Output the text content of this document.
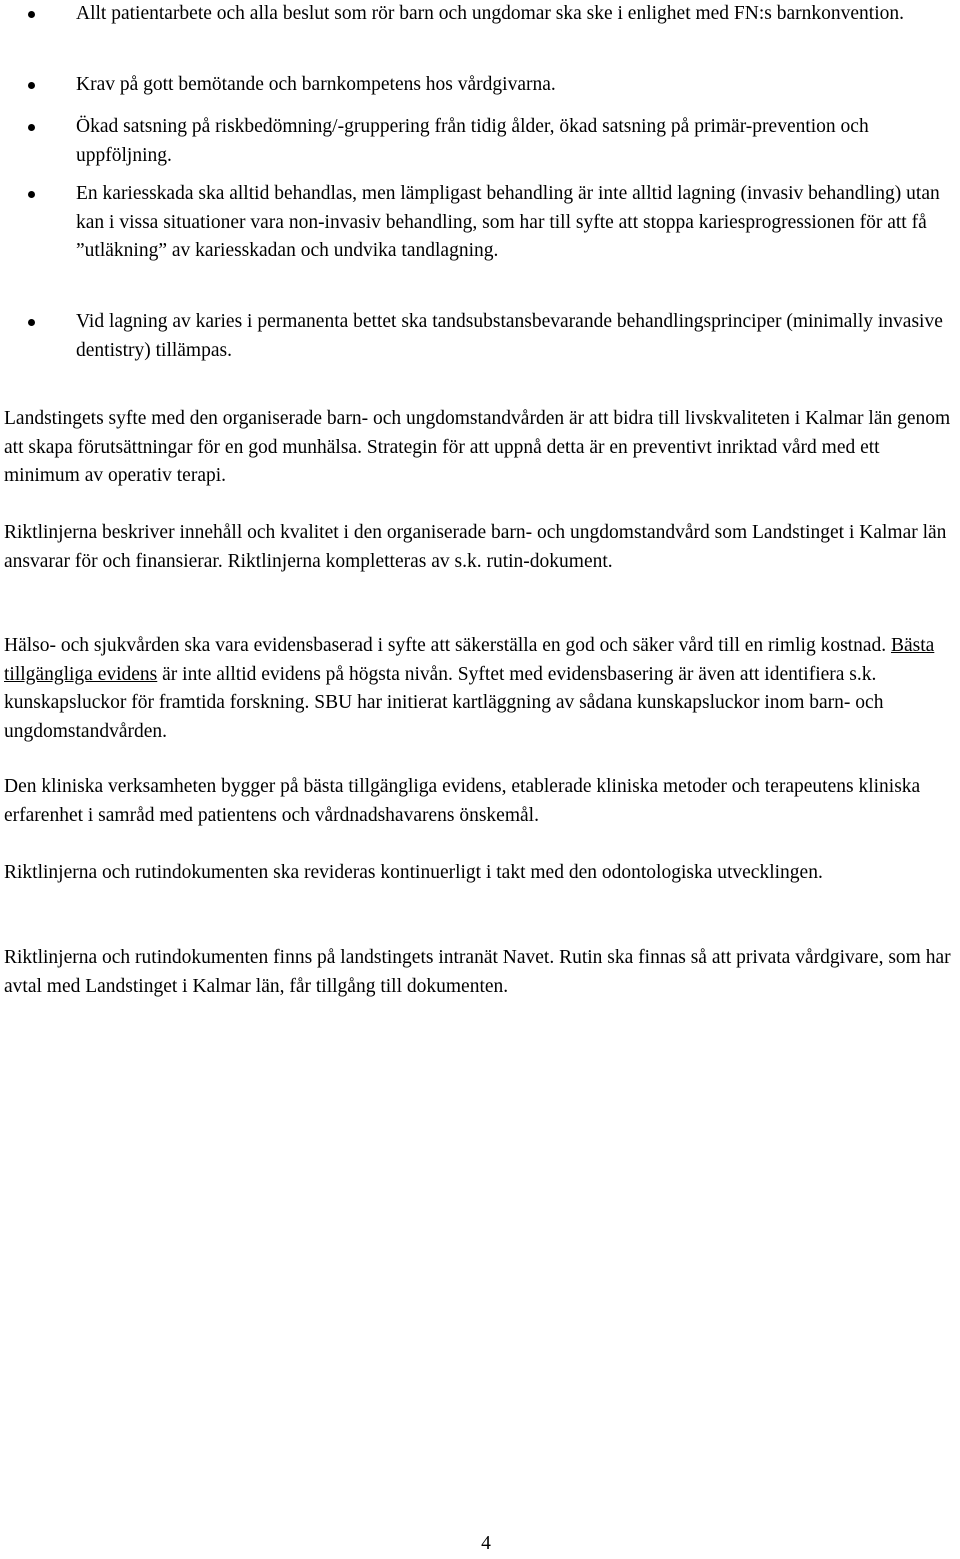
Allt patientarbete och alla beslut som rör barn och ungdomar ska ske i enlighet med FN:s barnkonvention.
Krav på gott bemötande och barnkompetens hos vårdgivarna.
Ökad satsning på riskbedömning/-gruppering från tidig ålder, ökad satsning på primär-prevention och uppföljning.
En kariesskada ska alltid behandlas, men lämpligast behandling är inte alltid lagning (invasiv behandling) utan kan i vissa situationer vara non-invasiv behandling, som har till syfte att stoppa kariesprogressionen för att få ”utläkning” av kariesskadan och undvika tandlagning.
Vid lagning av karies i permanenta bettet ska tandsubstansbevarande behandlingsprinciper (minimally invasive dentistry) tillämpas.

Landstingets syfte med den organiserade barn- och ungdomstandvården är att bidra till livskvaliteten i Kalmar län genom att skapa förutsättningar för en god munhälsa. Strategin för att uppnå detta är en preventivt inriktad vård med ett minimum av operativ terapi.

Riktlinjerna beskriver innehåll och kvalitet i den organiserade barn- och ungdomstandvård som Landstinget i Kalmar län ansvarar för och finansierar. Riktlinjerna kompletteras av s.k. rutin-dokument.

Hälso- och sjukvården ska vara evidensbaserad i syfte att säkerställa en god och säker vård till en rimlig kostnad. Bästa tillgängliga evidens är inte alltid evidens på högsta nivån. Syftet med evidensbasering är även att identifiera s.k. kunskapsluckor för framtida forskning. SBU har initierat kartläggning av sådana kunskapsluckor inom barn- och ungdomstandvården.

Den kliniska verksamheten bygger på bästa tillgängliga evidens, etablerade kliniska metoder och terapeutens kliniska erfarenhet i samråd med patientens och vårdnadshavarens önskemål.

Riktlinjerna och rutindokumenten ska revideras kontinuerligt i takt med den odontologiska utvecklingen.

Riktlinjerna och rutindokumenten finns på landstingets intranät Navet. Rutin ska finnas så att privata vårdgivare, som har avtal med Landstinget i Kalmar län, får tillgång till dokumenten.

4
